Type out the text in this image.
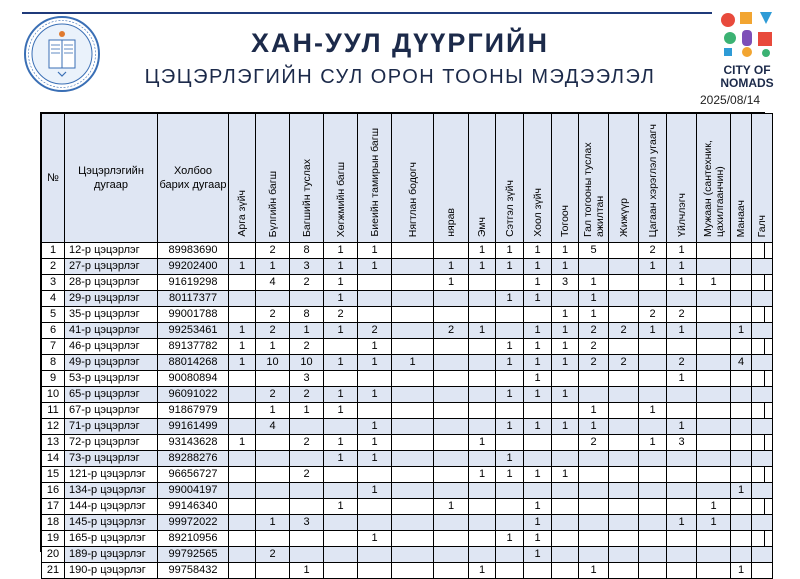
ХАН-УУЛ ДҮҮРГИЙН
ЦЭЦЭРЛЭГИЙН СУЛ ОРОН ТООНЫ МЭДЭЭЛЭЛ	CITY OF
NOMADS
2025/08/14
№	Цэцэрлэгийн дугаар	Холбоо барих дугаар	Арга зүйч	Бүлгийн багш	Багшийн туслах	Хөгжмийн багш	Биеийн тамирын багш	Нягтлан бодогч	нярав	Эмч	Сэтгэл зүйч	Хоол зүйч	Тогооч	Гал тогооны туслах ажилтан	Жижүүр	Цагаан хэрэглэл угаагч	Үйлчлэгч	Мужаан (сантехник, цахилгаанчин)	Манаач	Галч
1	12-р цэцэрлэг	89983690		2	8	1	1			1	1	1	1	5		2	1			
2	27-р цэцэрлэг	99202400	1	1	3	1	1		1	1	1	1	1			1	1			
3	28-р цэцэрлэг	91619298		4	2	1			1			1	3	1			1	1		
4	29-р цэцэрлэг	80117377				1					1	1		1						
5	35-р цэцэрлэг	99001788		2	8	2							1	1		2	2			
6	41-р цэцэрлэг	99253461	1	2	1	1	2		2	1		1	1	2	2	1	1		1	
7	46-р цэцэрлэг	89137782	1	1	2		1				1	1	1	2						
8	49-р цэцэрлэг	88014268	1	10	10	1	1	1			1	1	1	2	2		2		4	
9	53-р цэцэрлэг	90080894			3							1					1			
10	65-р цэцэрлэг	96091022		2	2	1	1				1	1	1							
11	67-р цэцэрлэг	91867979		1	1	1								1		1				
12	71-р цэцэрлэг	99161499		4			1				1	1	1	1			1			
13	72-р цэцэрлэг	93143628	1		2	1	1			1				2		1	3			
14	73-р цэцэрлэг	89288276				1	1				1									
15	121-р цэцэрлэг	96656727			2					1	1	1	1							
16	134-р цэцэрлэг	99004197					1												1	
17	144-р цэцэрлэг	99146340				1			1			1						1		
18	145-р цэцэрлэг	99972022		1	3							1					1	1		
19	165-р цэцэрлэг	89210956					1				1	1								
20	189-р цэцэрлэг	99792565		2								1								
21	190-р цэцэрлэг	99758432			1					1				1					1	
